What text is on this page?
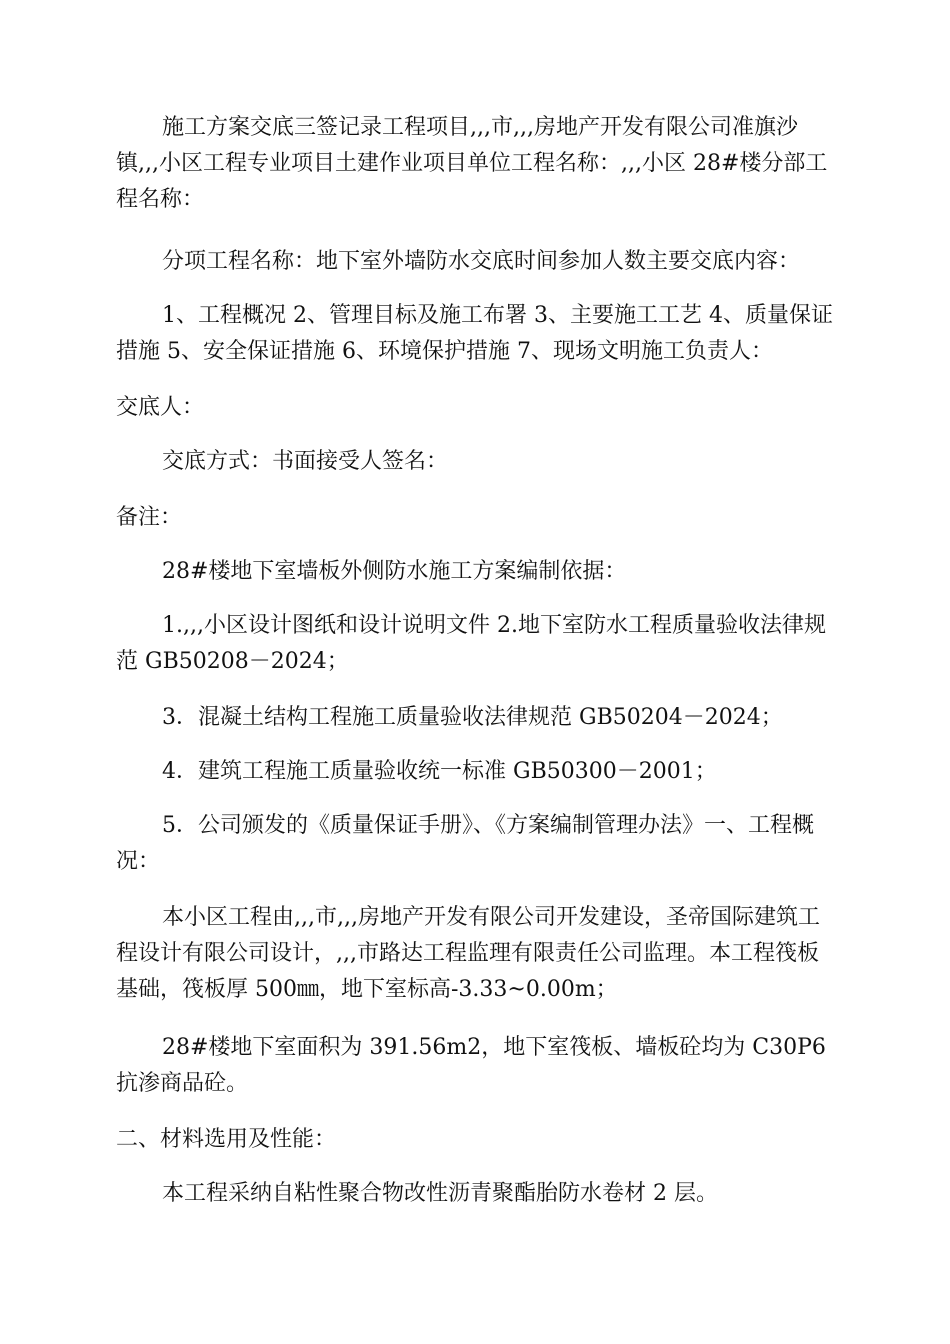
施工方案交底三签记录工程项目,,,市,,,房地产开发有限公司准旗沙镇,,,小区工程专业项目土建作业项目单位工程名称：,,,小区 28#楼分部工程名称：

分项工程名称：地下室外墙防水交底时间参加人数主要交底内容：

1、工程概况 2、管理目标及施工布署 3、主要施工工艺 4、质量保证措施 5、安全保证措施 6、环境保护措施 7、现场文明施工负责人：

交底人：

交底方式：书面接受人签名：

备注：

28#楼地下室墙板外侧防水施工方案编制依据：

1.,,,小区设计图纸和设计说明文件 2.地下室防水工程质量验收法律规范 GB50208－2024；

3．混凝土结构工程施工质量验收法律规范 GB50204－2024；

4．建筑工程施工质量验收统一标准 GB50300－2001；

5．公司颁发的《质量保证手册》、《方案编制管理办法》一、工程概况：

本小区工程由,,,市,,,房地产开发有限公司开发建设，圣帝国际建筑工程设计有限公司设计，,,,市路达工程监理有限责任公司监理。本工程筏板基础，筏板厚 500㎜，地下室标高-3.33~0.00m；

28#楼地下室面积为 391.56m2，地下室筏板、墙板砼均为 C30P6 抗渗商品砼。

二、材料选用及性能：

本工程采纳自粘性聚合物改性沥青聚酯胎防水卷材 2 层。
